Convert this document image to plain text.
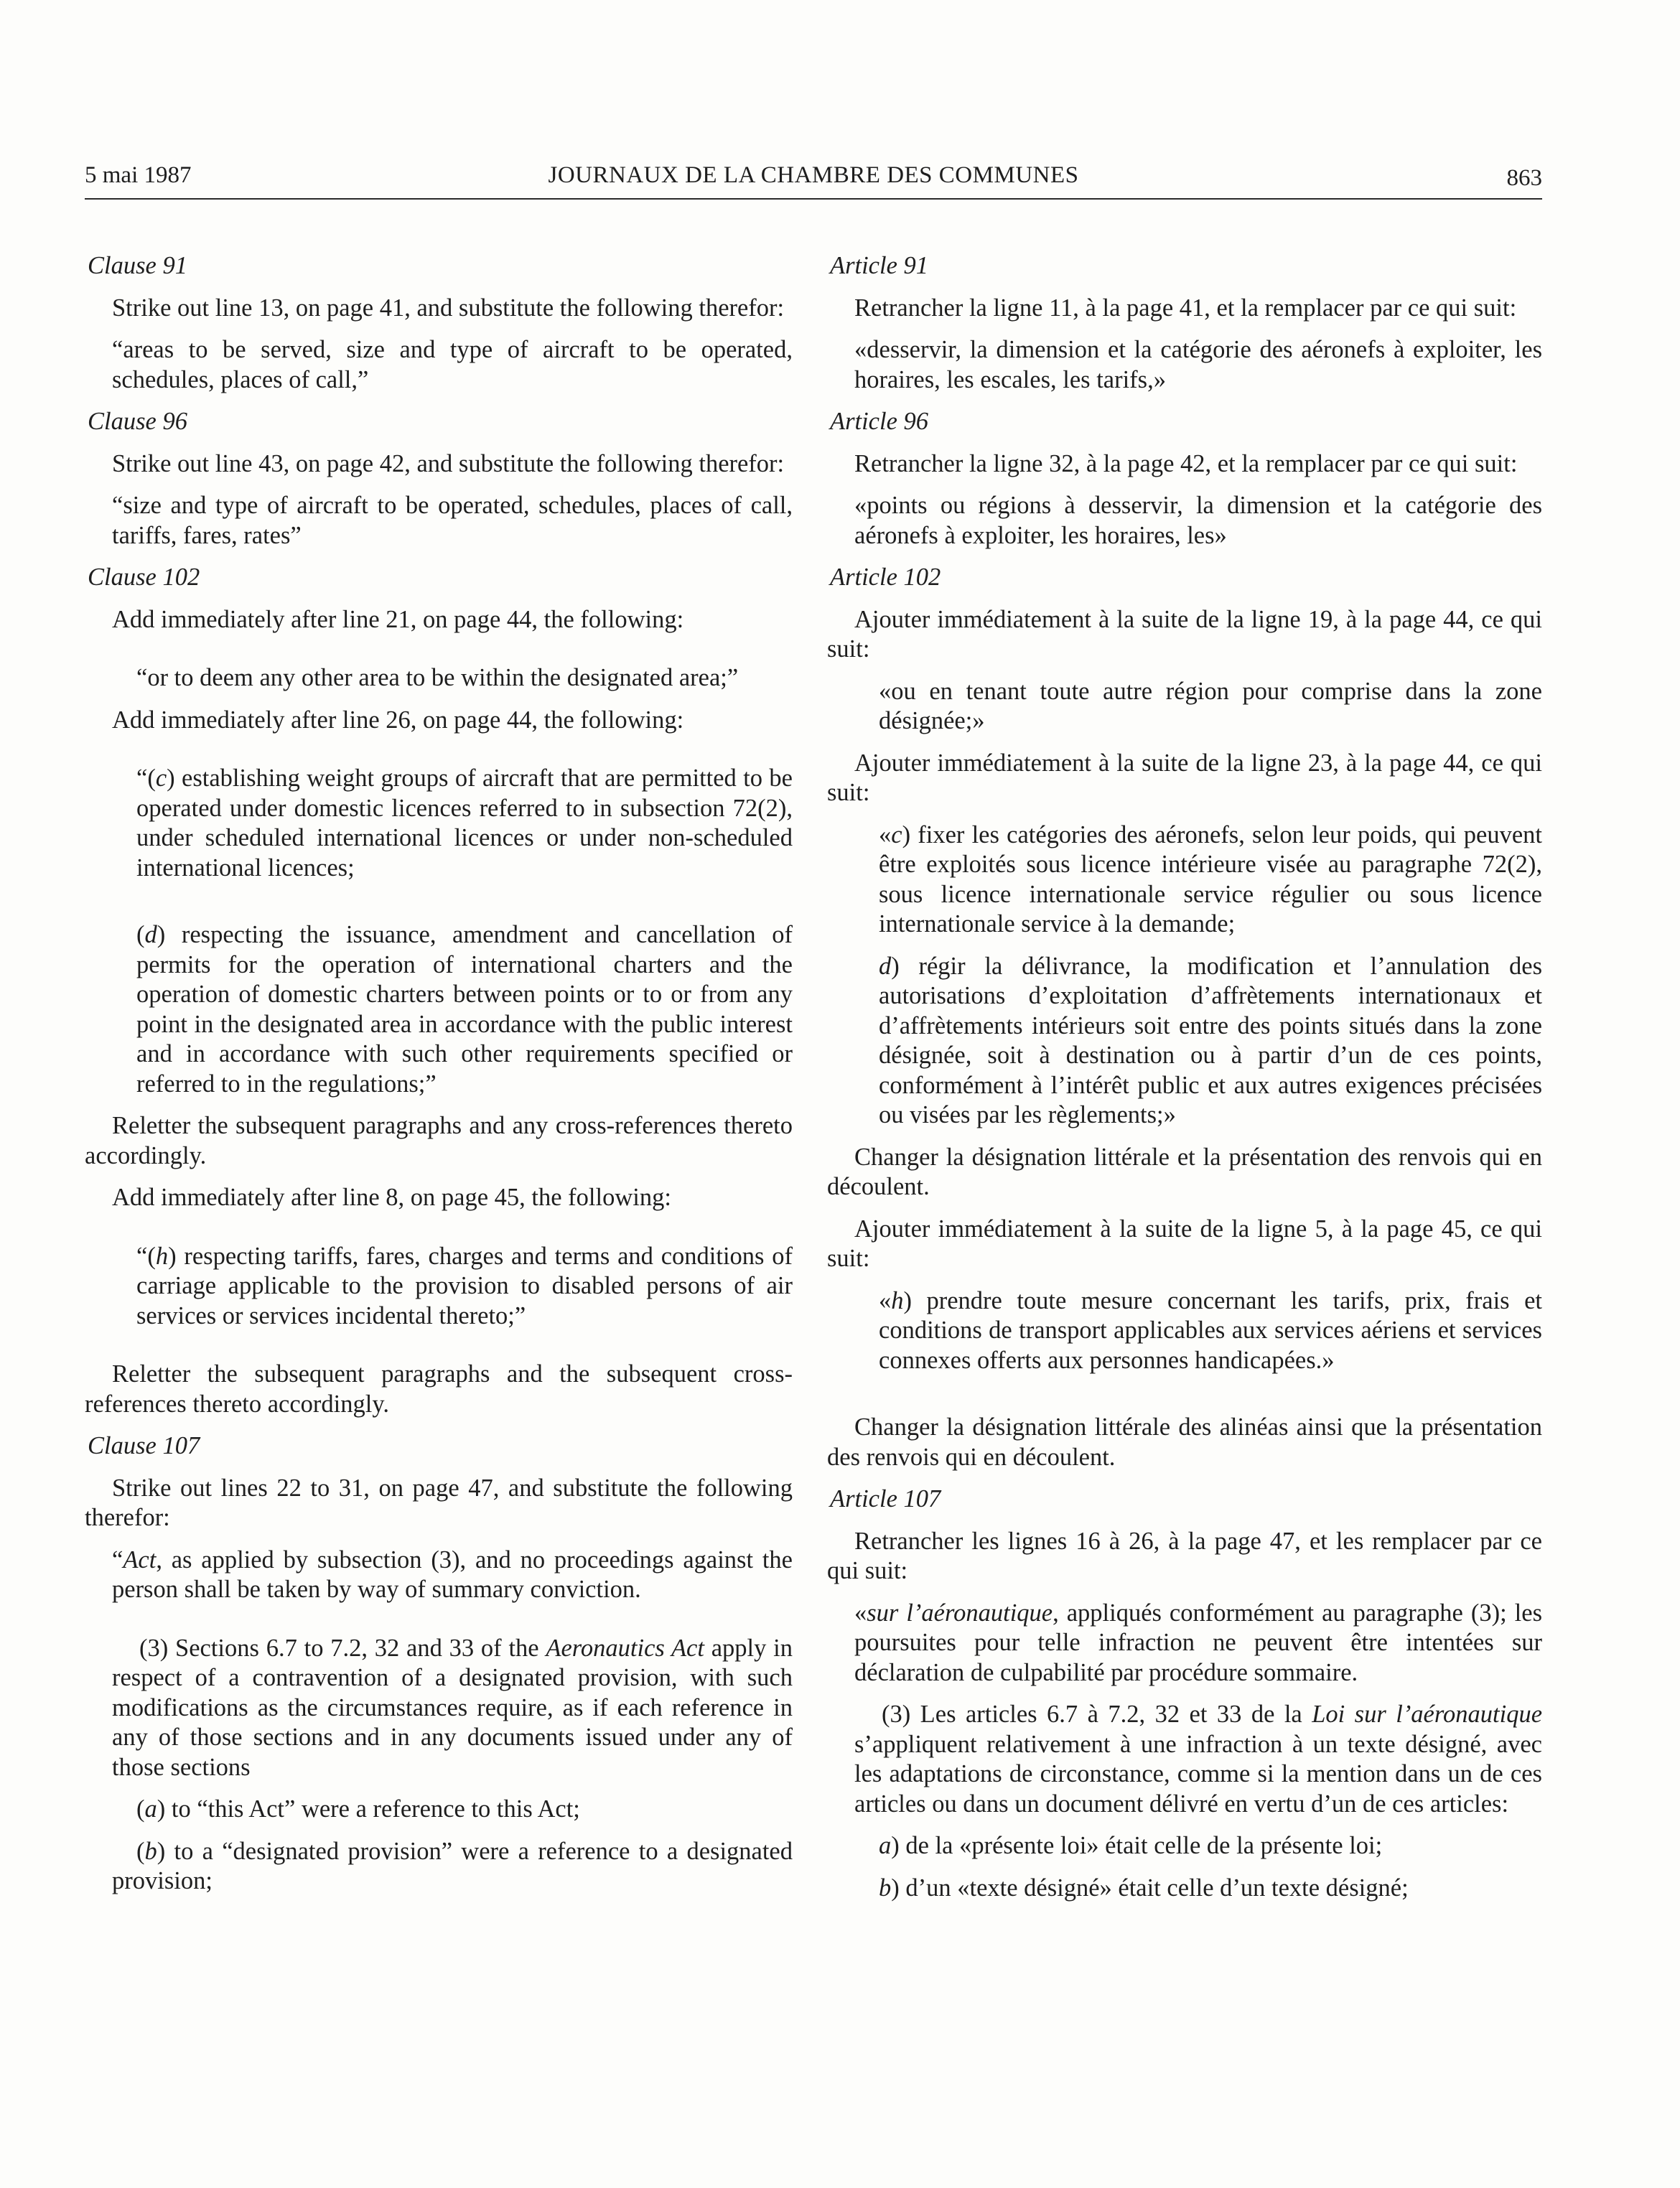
5 mai 1987	JOURNAUX DE LA CHAMBRE DES COMMUNES	863
Clause 91

Strike out line 13, on page 41, and substitute the following therefor:

“areas to be served, size and type of aircraft to be operated, schedules, places of call,”

Clause 96

Strike out line 43, on page 42, and substitute the following therefor:

“size and type of aircraft to be operated, schedules, places of call, tariffs, fares, rates”

Clause 102

Add immediately after line 21, on page 44, the following:

“or to deem any other area to be within the designated area;”

Add immediately after line 26, on page 44, the following:

“(c) establishing weight groups of aircraft that are permitted to be operated under domestic licences referred to in subsection 72(2), under scheduled international licences or under non-scheduled international licences;

(d) respecting the issuance, amendment and cancellation of permits for the operation of international charters and the operation of domestic charters between points or to or from any point in the designated area in accordance with the public interest and in accordance with such other requirements specified or referred to in the regulations;”

Reletter the subsequent paragraphs and any cross-references thereto accordingly.

Add immediately after line 8, on page 45, the following:

“(h) respecting tariffs, fares, charges and terms and conditions of carriage applicable to the provision to disabled persons of air services or services incidental thereto;”

Reletter the subsequent paragraphs and the subsequent cross-references thereto accordingly.

Clause 107

Strike out lines 22 to 31, on page 47, and substitute the following therefor:

“Act, as applied by subsection (3), and no proceedings against the person shall be taken by way of summary conviction.

(3) Sections 6.7 to 7.2, 32 and 33 of the Aeronautics Act apply in respect of a contravention of a designated provision, with such modifications as the circumstances require, as if each reference in any of those sections and in any documents issued under any of those sections

(a) to “this Act” were a reference to this Act;

(b) to a “designated provision” were a reference to a designated provision;

Article 91

Retrancher la ligne 11, à la page 41, et la remplacer par ce qui suit:

«desservir, la dimension et la catégorie des aéronefs à exploiter, les horaires, les escales, les tarifs,»

Article 96

Retrancher la ligne 32, à la page 42, et la remplacer par ce qui suit:

«points ou régions à desservir, la dimension et la catégorie des aéronefs à exploiter, les horaires, les»

Article 102

Ajouter immédiatement à la suite de la ligne 19, à la page 44, ce qui suit:

«ou en tenant toute autre région pour comprise dans la zone désignée;»

Ajouter immédiatement à la suite de la ligne 23, à la page 44, ce qui suit:

«c) fixer les catégories des aéronefs, selon leur poids, qui peuvent être exploités sous licence intérieure visée au paragraphe 72(2), sous licence internationale service régulier ou sous licence internationale service à la demande;

d) régir la délivrance, la modification et l’annulation des autorisations d’exploitation d’affrètements internationaux et d’affrètements intérieurs soit entre des points situés dans la zone désignée, soit à destination ou à partir d’un de ces points, conformément à l’intérêt public et aux autres exigences précisées ou visées par les règlements;»

Changer la désignation littérale et la présentation des renvois qui en découlent.

Ajouter immédiatement à la suite de la ligne 5, à la page 45, ce qui suit:

«h) prendre toute mesure concernant les tarifs, prix, frais et conditions de transport applicables aux services aériens et services connexes offerts aux personnes handicapées.»

Changer la désignation littérale des alinéas ainsi que la présentation des renvois qui en découlent.

Article 107

Retrancher les lignes 16 à 26, à la page 47, et les remplacer par ce qui suit:

«sur l’aéronautique, appliqués conformément au paragraphe (3); les poursuites pour telle infraction ne peuvent être intentées sur déclaration de culpabilité par procédure sommaire.

(3) Les articles 6.7 à 7.2, 32 et 33 de la Loi sur l’aéronautique s’appliquent relativement à une infraction à un texte désigné, avec les adaptations de circonstance, comme si la mention dans un de ces articles ou dans un document délivré en vertu d’un de ces articles:

a) de la «présente loi» était celle de la présente loi;

b) d’un «texte désigné» était celle d’un texte désigné;
